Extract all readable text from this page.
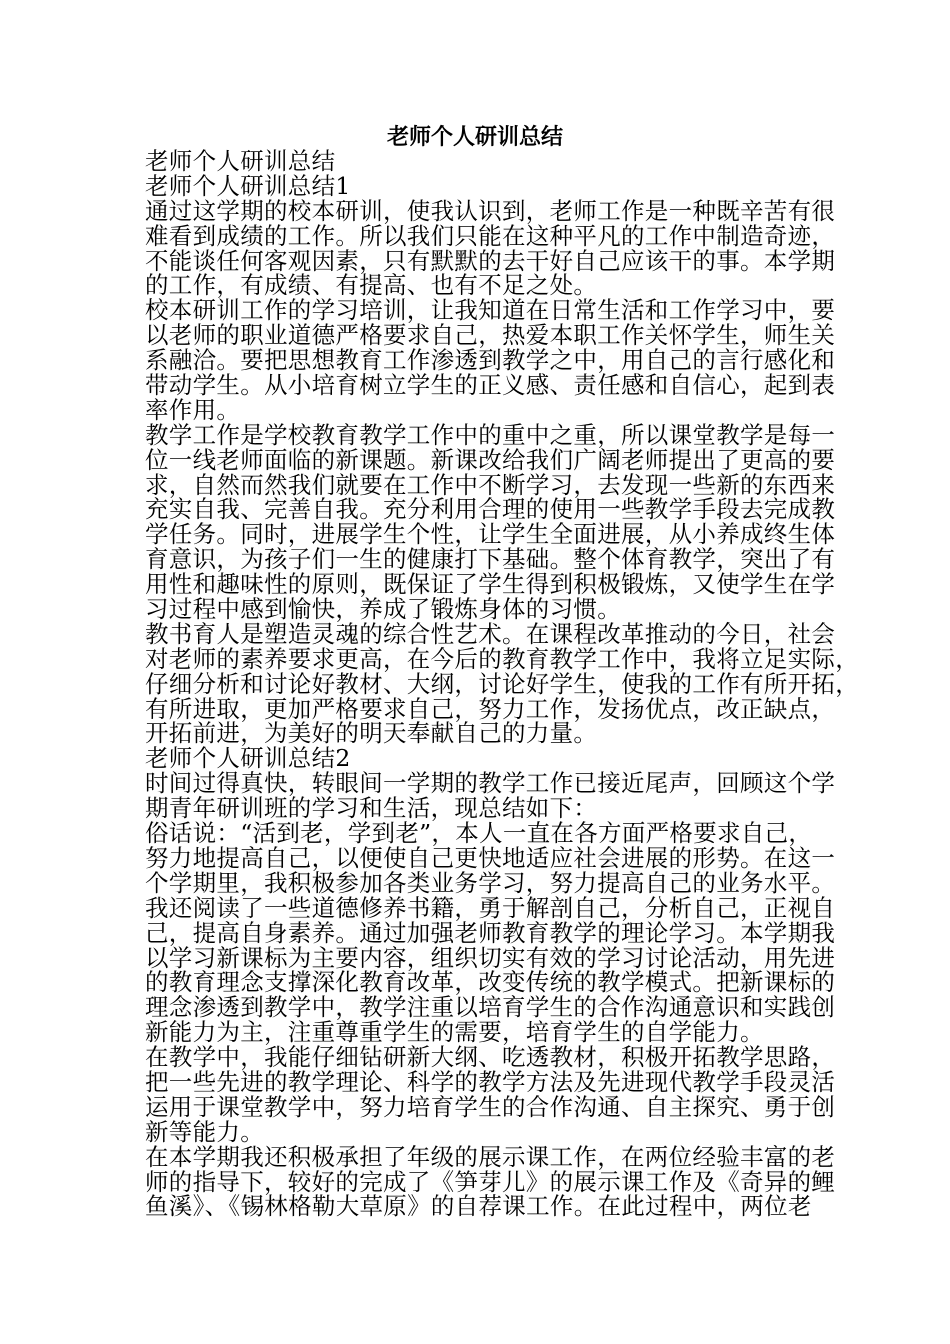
老师个人研训总结
老师个人研训总结
老师个人研训总结1
通过这学期的校本研训，使我认识到，老师工作是一种既辛苦有很
难看到成绩的工作。所以我们只能在这种平凡的工作中制造奇迹，
不能谈任何客观因素，只有默默的去干好自己应该干的事。本学期
的工作，有成绩、有提高、也有不足之处。
校本研训工作的学习培训，让我知道在日常生活和工作学习中，要
以老师的职业道德严格要求自己，热爱本职工作关怀学生，师生关
系融洽。要把思想教育工作渗透到教学之中，用自己的言行感化和
带动学生。从小培育树立学生的正义感、责任感和自信心，起到表
率作用。
教学工作是学校教育教学工作中的重中之重，所以课堂教学是每一
位一线老师面临的新课题。新课改给我们广阔老师提出了更高的要
求，自然而然我们就要在工作中不断学习，去发现一些新的东西来
充实自我、完善自我。充分利用合理的使用一些教学手段去完成教
学任务。同时，进展学生个性，让学生全面进展，从小养成终生体
育意识，为孩子们一生的健康打下基础。整个体育教学，突出了有
用性和趣味性的原则，既保证了学生得到积极锻炼，又使学生在学
习过程中感到愉快，养成了锻炼身体的习惯。
教书育人是塑造灵魂的综合性艺术。在课程改革推动的今日，社会
对老师的素养要求更高，在今后的教育教学工作中，我将立足实际，
仔细分析和讨论好教材、大纲，讨论好学生，使我的工作有所开拓，
有所进取，更加严格要求自己，努力工作，发扬优点，改正缺点，
开拓前进，为美好的明天奉献自己的力量。
老师个人研训总结2
时间过得真快，转眼间一学期的教学工作已接近尾声，回顾这个学
期青年研训班的学习和生活，现总结如下：
俗话说：“活到老，学到老”，本人一直在各方面严格要求自己，
努力地提高自己，以便使自己更快地适应社会进展的形势。在这一
个学期里，我积极参加各类业务学习，努力提高自己的业务水平。
我还阅读了一些道德修养书籍，勇于解剖自己，分析自己，正视自
己，提高自身素养。通过加强老师教育教学的理论学习。本学期我
以学习新课标为主要内容，组织切实有效的学习讨论活动，用先进
的教育理念支撑深化教育改革，改变传统的教学模式。把新课标的
理念渗透到教学中，教学注重以培育学生的合作沟通意识和实践创
新能力为主，注重尊重学生的需要，培育学生的自学能力。
在教学中，我能仔细钻研新大纲、吃透教材，积极开拓教学思路，
把一些先进的教学理论、科学的教学方法及先进现代教学手段灵活
运用于课堂教学中，努力培育学生的合作沟通、自主探究、勇于创
新等能力。
在本学期我还积极承担了年级的展示课工作，在两位经验丰富的老
师的指导下，较好的完成了《笋芽儿》的展示课工作及《奇异的鲤
鱼溪》、《锡林格勒大草原》的自荐课工作。在此过程中，两位老
